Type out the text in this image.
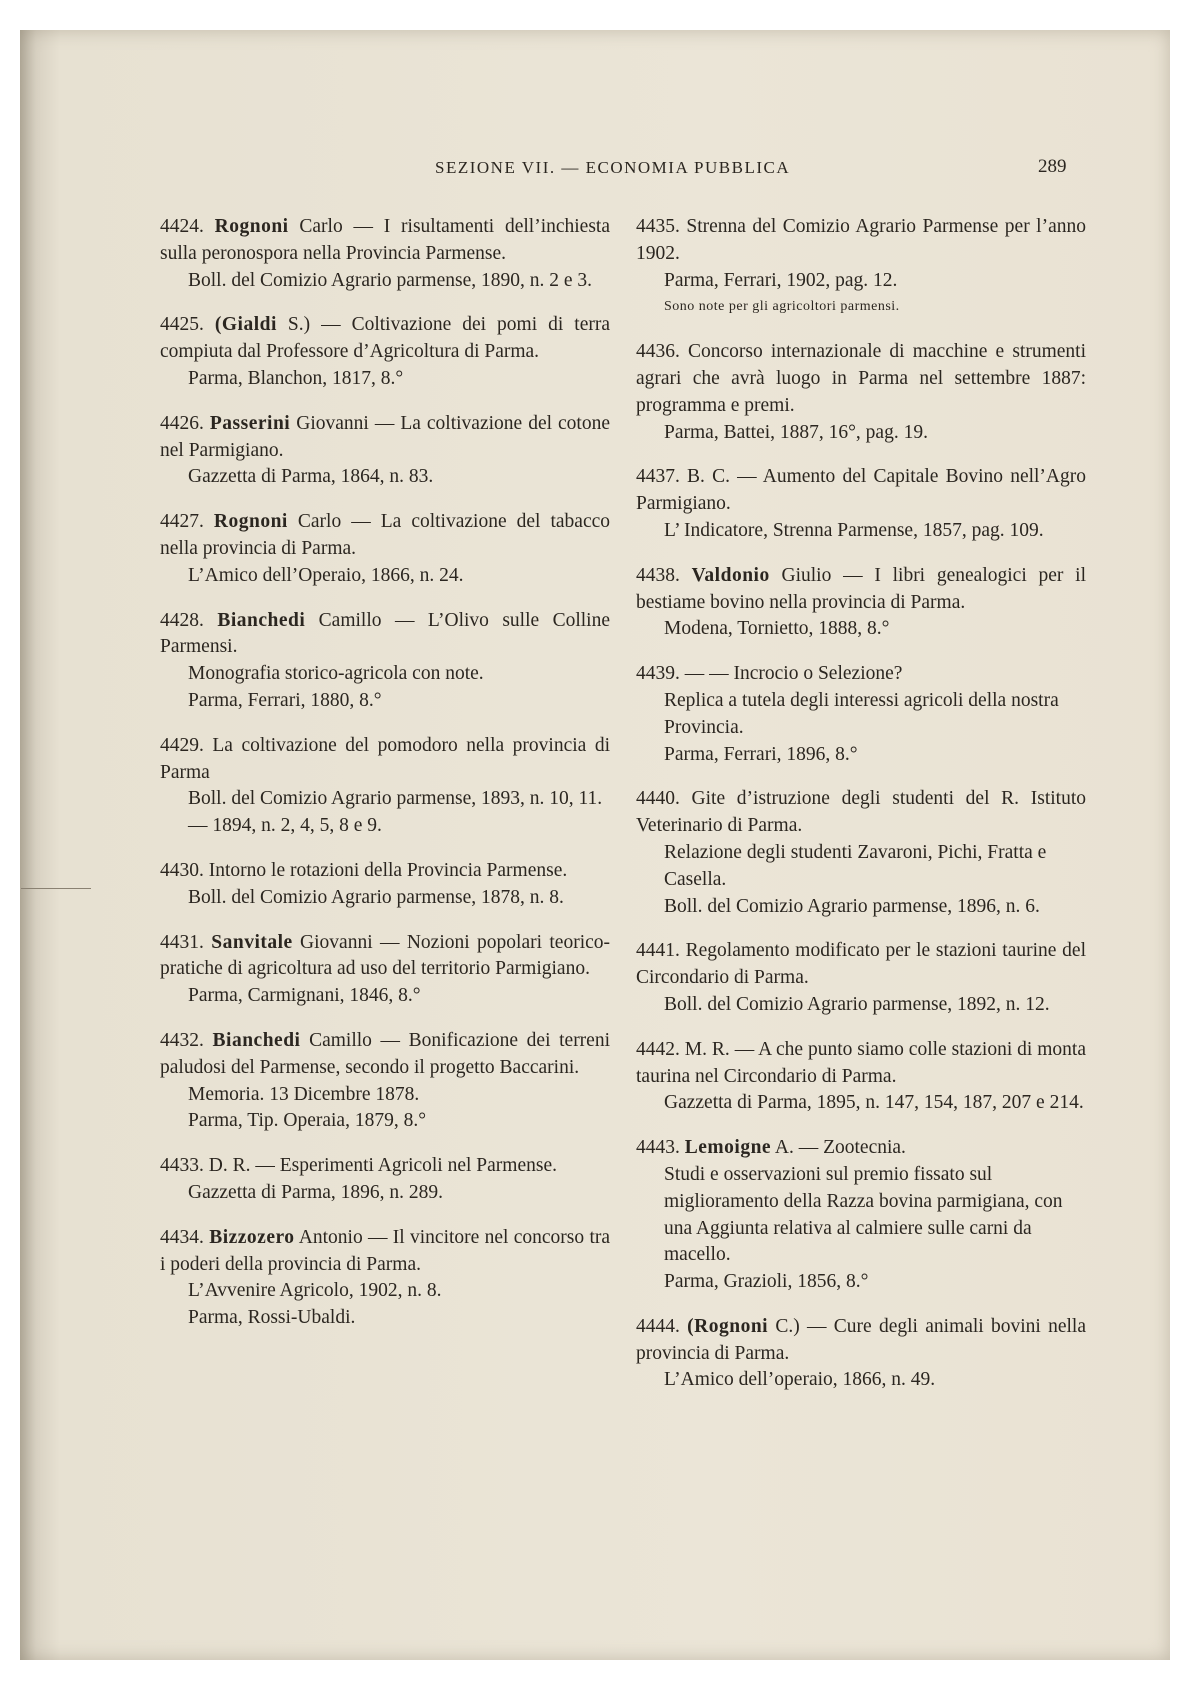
SEZIONE VII. — ECONOMIA PUBBLICA	289

4424. Rognoni Carlo — I risultamenti dell’inchiesta sulla peronospora nella Provincia Parmense.

Boll. del Comizio Agrario parmense, 1890, n. 2 e 3.

4425. (Gialdi S.) — Coltivazione dei pomi di terra compiuta dal Professore d’Agricoltura di Parma.

Parma, Blanchon, 1817, 8.°

4426. Passerini Giovanni — La coltivazione del cotone nel Parmigiano.

Gazzetta di Parma, 1864, n. 83.

4427. Rognoni Carlo — La coltivazione del tabacco nella provincia di Parma.

L’Amico dell’Operaio, 1866, n. 24.

4428. Bianchedi Camillo — L’Olivo sulle Colline Parmensi.

Monografia storico-agricola con note.

Parma, Ferrari, 1880, 8.°

4429. La coltivazione del pomodoro nella provincia di Parma

Boll. del Comizio Agrario parmense, 1893, n. 10, 11. — 1894, n. 2, 4, 5, 8 e 9.

4430. Intorno le rotazioni della Provincia Parmense.

Boll. del Comizio Agrario parmense, 1878, n. 8.

4431. Sanvitale Giovanni — Nozioni popolari teorico-pratiche di agricoltura ad uso del territorio Parmigiano.

Parma, Carmignani, 1846, 8.°

4432. Bianchedi Camillo — Bonificazione dei terreni paludosi del Parmense, secondo il progetto Baccarini.

Memoria. 13 Dicembre 1878.

Parma, Tip. Operaia, 1879, 8.°

4433. D. R. — Esperimenti Agricoli nel Parmense.

Gazzetta di Parma, 1896, n. 289.

4434. Bizzozero Antonio — Il vincitore nel concorso tra i poderi della provincia di Parma.

L’Avvenire Agricolo, 1902, n. 8.

Parma, Rossi-Ubaldi.

4435. Strenna del Comizio Agrario Parmense per l’anno 1902.

Parma, Ferrari, 1902, pag. 12.

Sono note per gli agricoltori parmensi.

4436. Concorso internazionale di macchine e strumenti agrari che avrà luogo in Parma nel settembre 1887: programma e premi.

Parma, Battei, 1887, 16°, pag. 19.

4437. B. C. — Aumento del Capitale Bovino nell’Agro Parmigiano.

L’ Indicatore, Strenna Parmense, 1857, pag. 109.

4438. Valdonio Giulio — I libri genealogici per il bestiame bovino nella provincia di Parma.

Modena, Tornietto, 1888, 8.°

4439. — — Incrocio o Selezione?

Replica a tutela degli interessi agricoli della nostra Provincia.

Parma, Ferrari, 1896, 8.°

4440. Gite d’istruzione degli studenti del R. Istituto Veterinario di Parma.

Relazione degli studenti Zavaroni, Pichi, Fratta e Casella.

Boll. del Comizio Agrario parmense, 1896, n. 6.

4441. Regolamento modificato per le stazioni taurine del Circondario di Parma.

Boll. del Comizio Agrario parmense, 1892, n. 12.

4442. M. R. — A che punto siamo colle stazioni di monta taurina nel Circondario di Parma.

Gazzetta di Parma, 1895, n. 147, 154, 187, 207 e 214.

4443. Lemoigne A. — Zootecnia.

Studi e osservazioni sul premio fissato sul miglioramento della Razza bovina parmigiana, con una Aggiunta relativa al calmiere sulle carni da macello.

Parma, Grazioli, 1856, 8.°

4444. (Rognoni C.) — Cure degli animali bovini nella provincia di Parma.

L’Amico dell’operaio, 1866, n. 49.
